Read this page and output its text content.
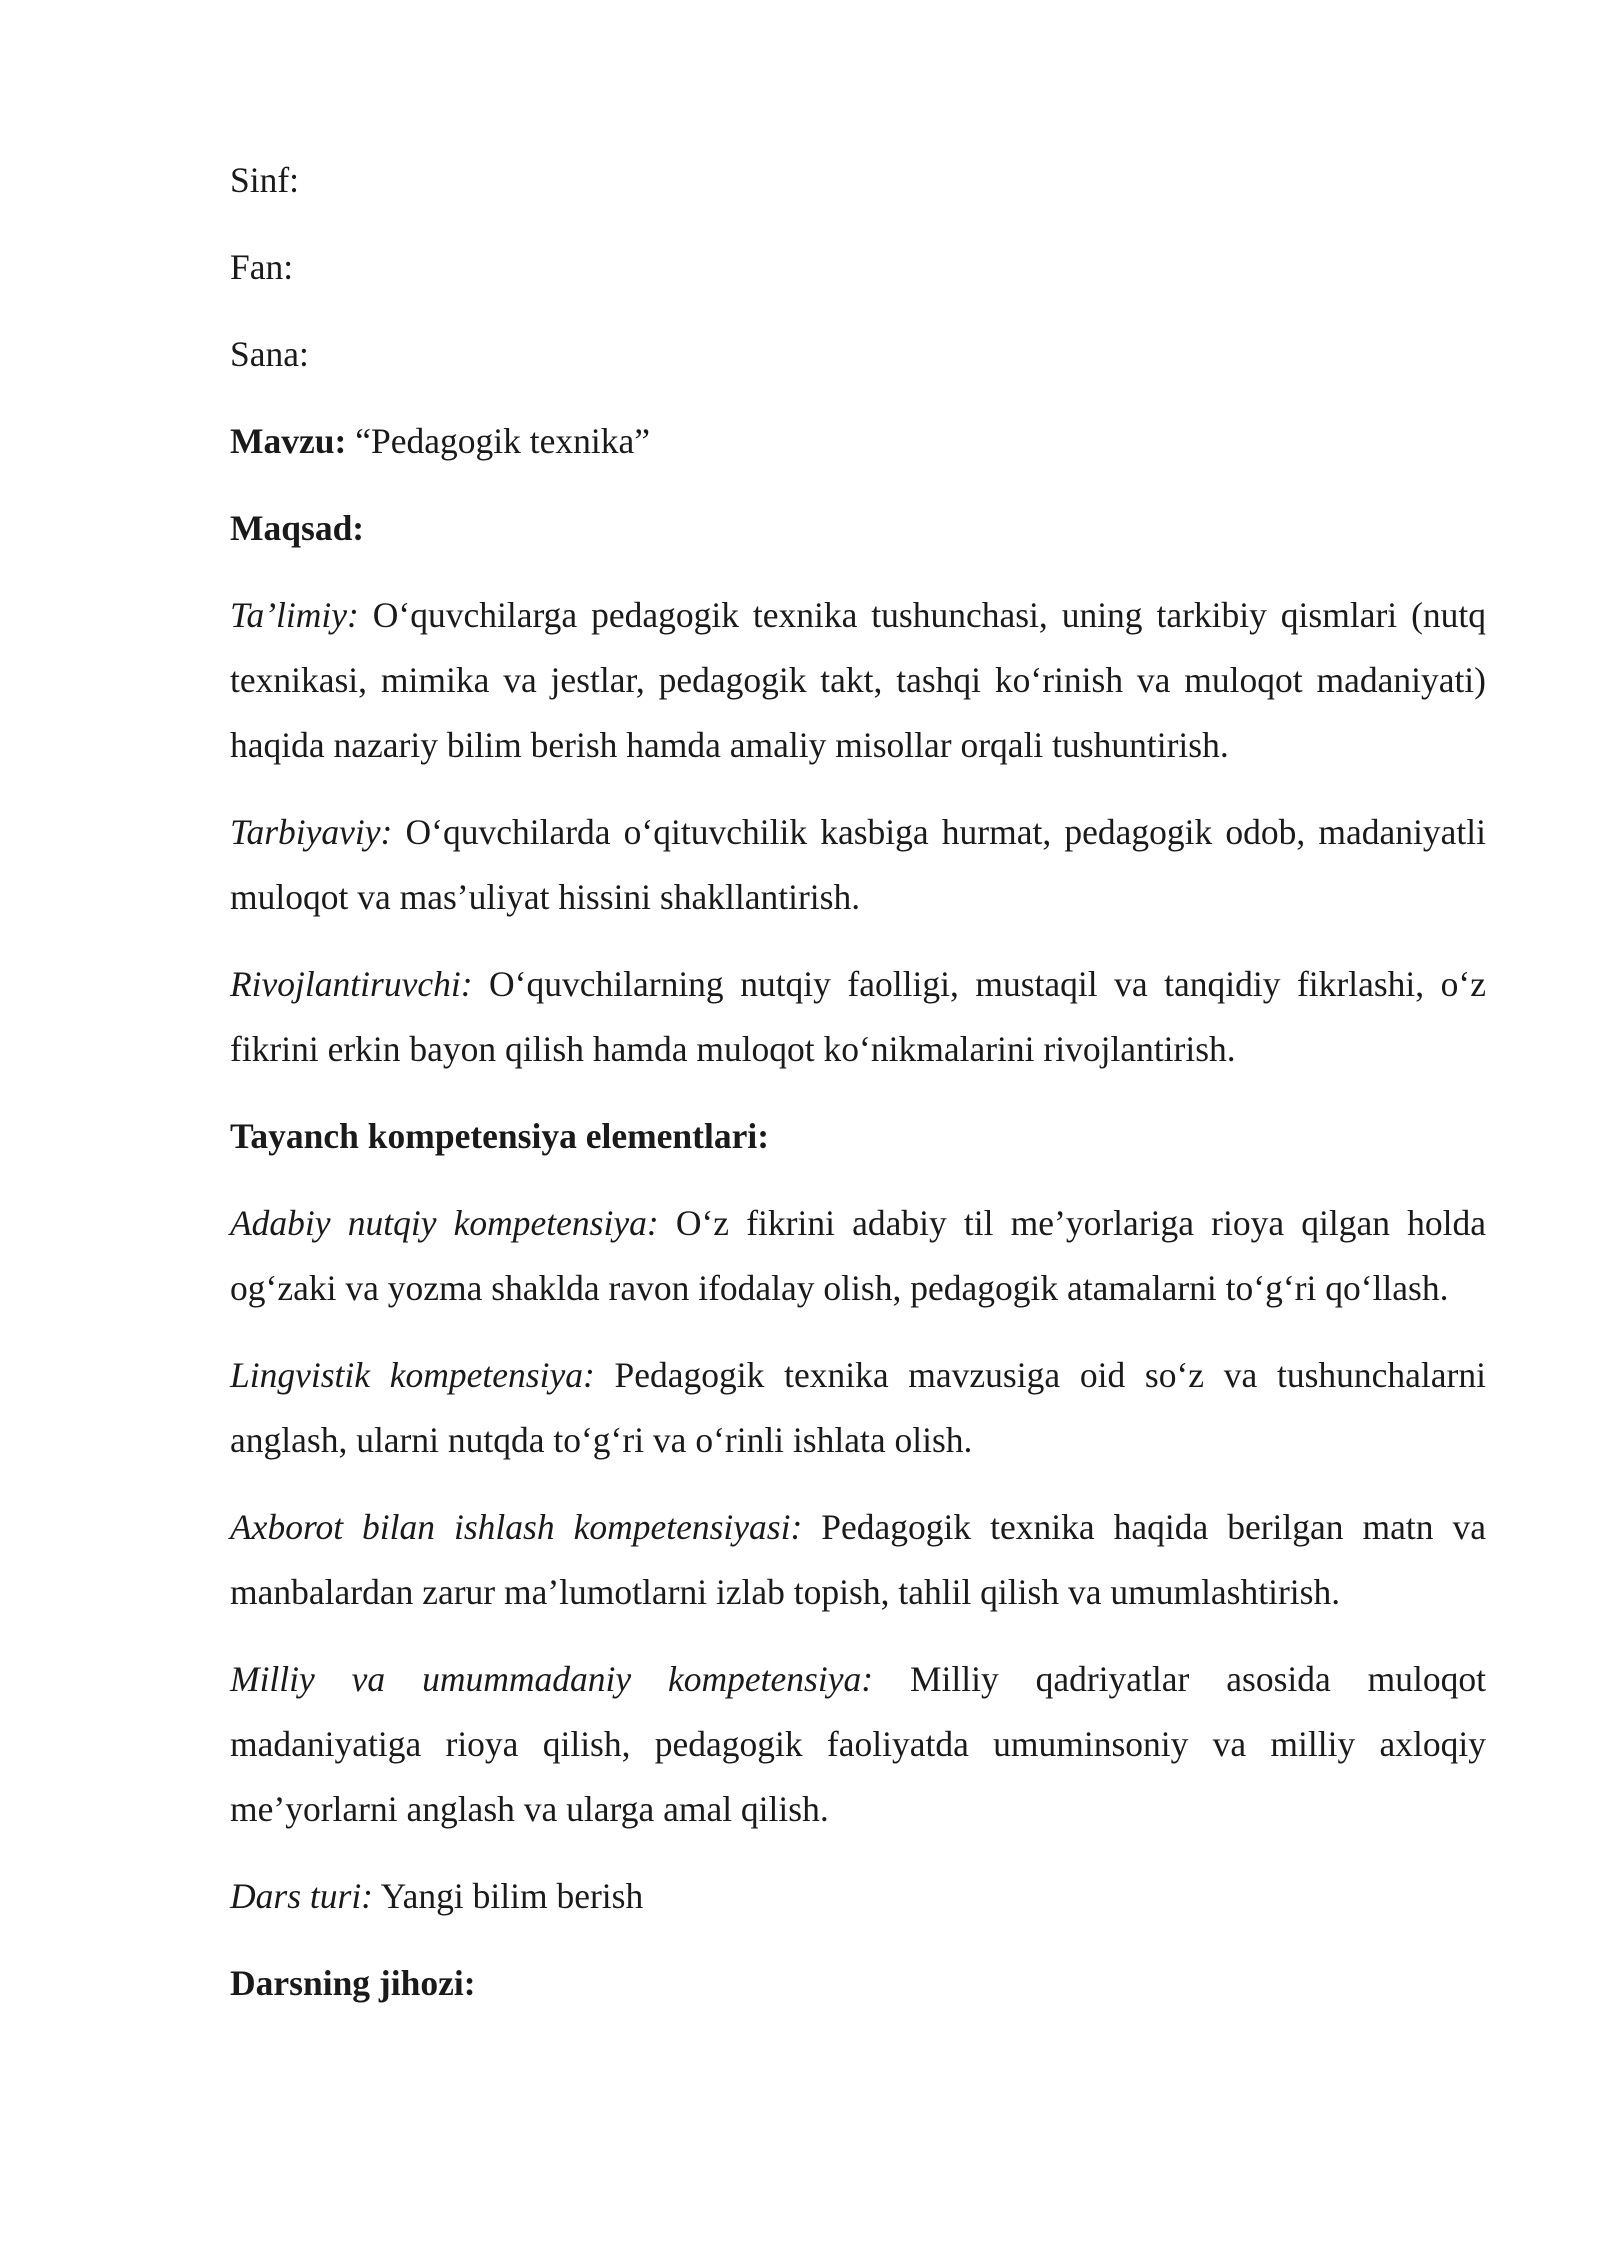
Sinf:

Fan:

Sana:

Mavzu: “Pedagogik texnika”

Maqsad:

Ta’limiy: O‘quvchilarga pedagogik texnika tushunchasi, uning tarkibiy qismlari (nutq texnikasi, mimika va jestlar, pedagogik takt, tashqi ko‘rinish va muloqot madaniyati) haqida nazariy bilim berish hamda amaliy misollar orqali tushuntirish.

Tarbiyaviy: O‘quvchilarda o‘qituvchilik kasbiga hurmat, pedagogik odob, madaniyatli muloqot va mas’uliyat hissini shakllantirish.

Rivojlantiruvchi: O‘quvchilarning nutqiy faolligi, mustaqil va tanqidiy fikrlashi, o‘z fikrini erkin bayon qilish hamda muloqot ko‘nikmalarini rivojlantirish.

Tayanch kompetensiya elementlari:

Adabiy nutqiy kompetensiya: O‘z fikrini adabiy til me’yorlariga rioya qilgan holda og‘zaki va yozma shaklda ravon ifodalay olish, pedagogik atamalarni to‘g‘ri qo‘llash.

Lingvistik kompetensiya: Pedagogik texnika mavzusiga oid so‘z va tushunchalarni anglash, ularni nutqda to‘g‘ri va o‘rinli ishlata olish.

Axborot bilan ishlash kompetensiyasi: Pedagogik texnika haqida berilgan matn va manbalardan zarur ma’lumotlarni izlab topish, tahlil qilish va umumlashtirish.

Milliy va umummadaniy kompetensiya: Milliy qadriyatlar asosida muloqot madaniyatiga rioya qilish, pedagogik faoliyatda umuminsoniy va milliy axloqiy me’yorlarni anglash va ularga amal qilish.

Dars turi: Yangi bilim berish

Darsning jihozi:
